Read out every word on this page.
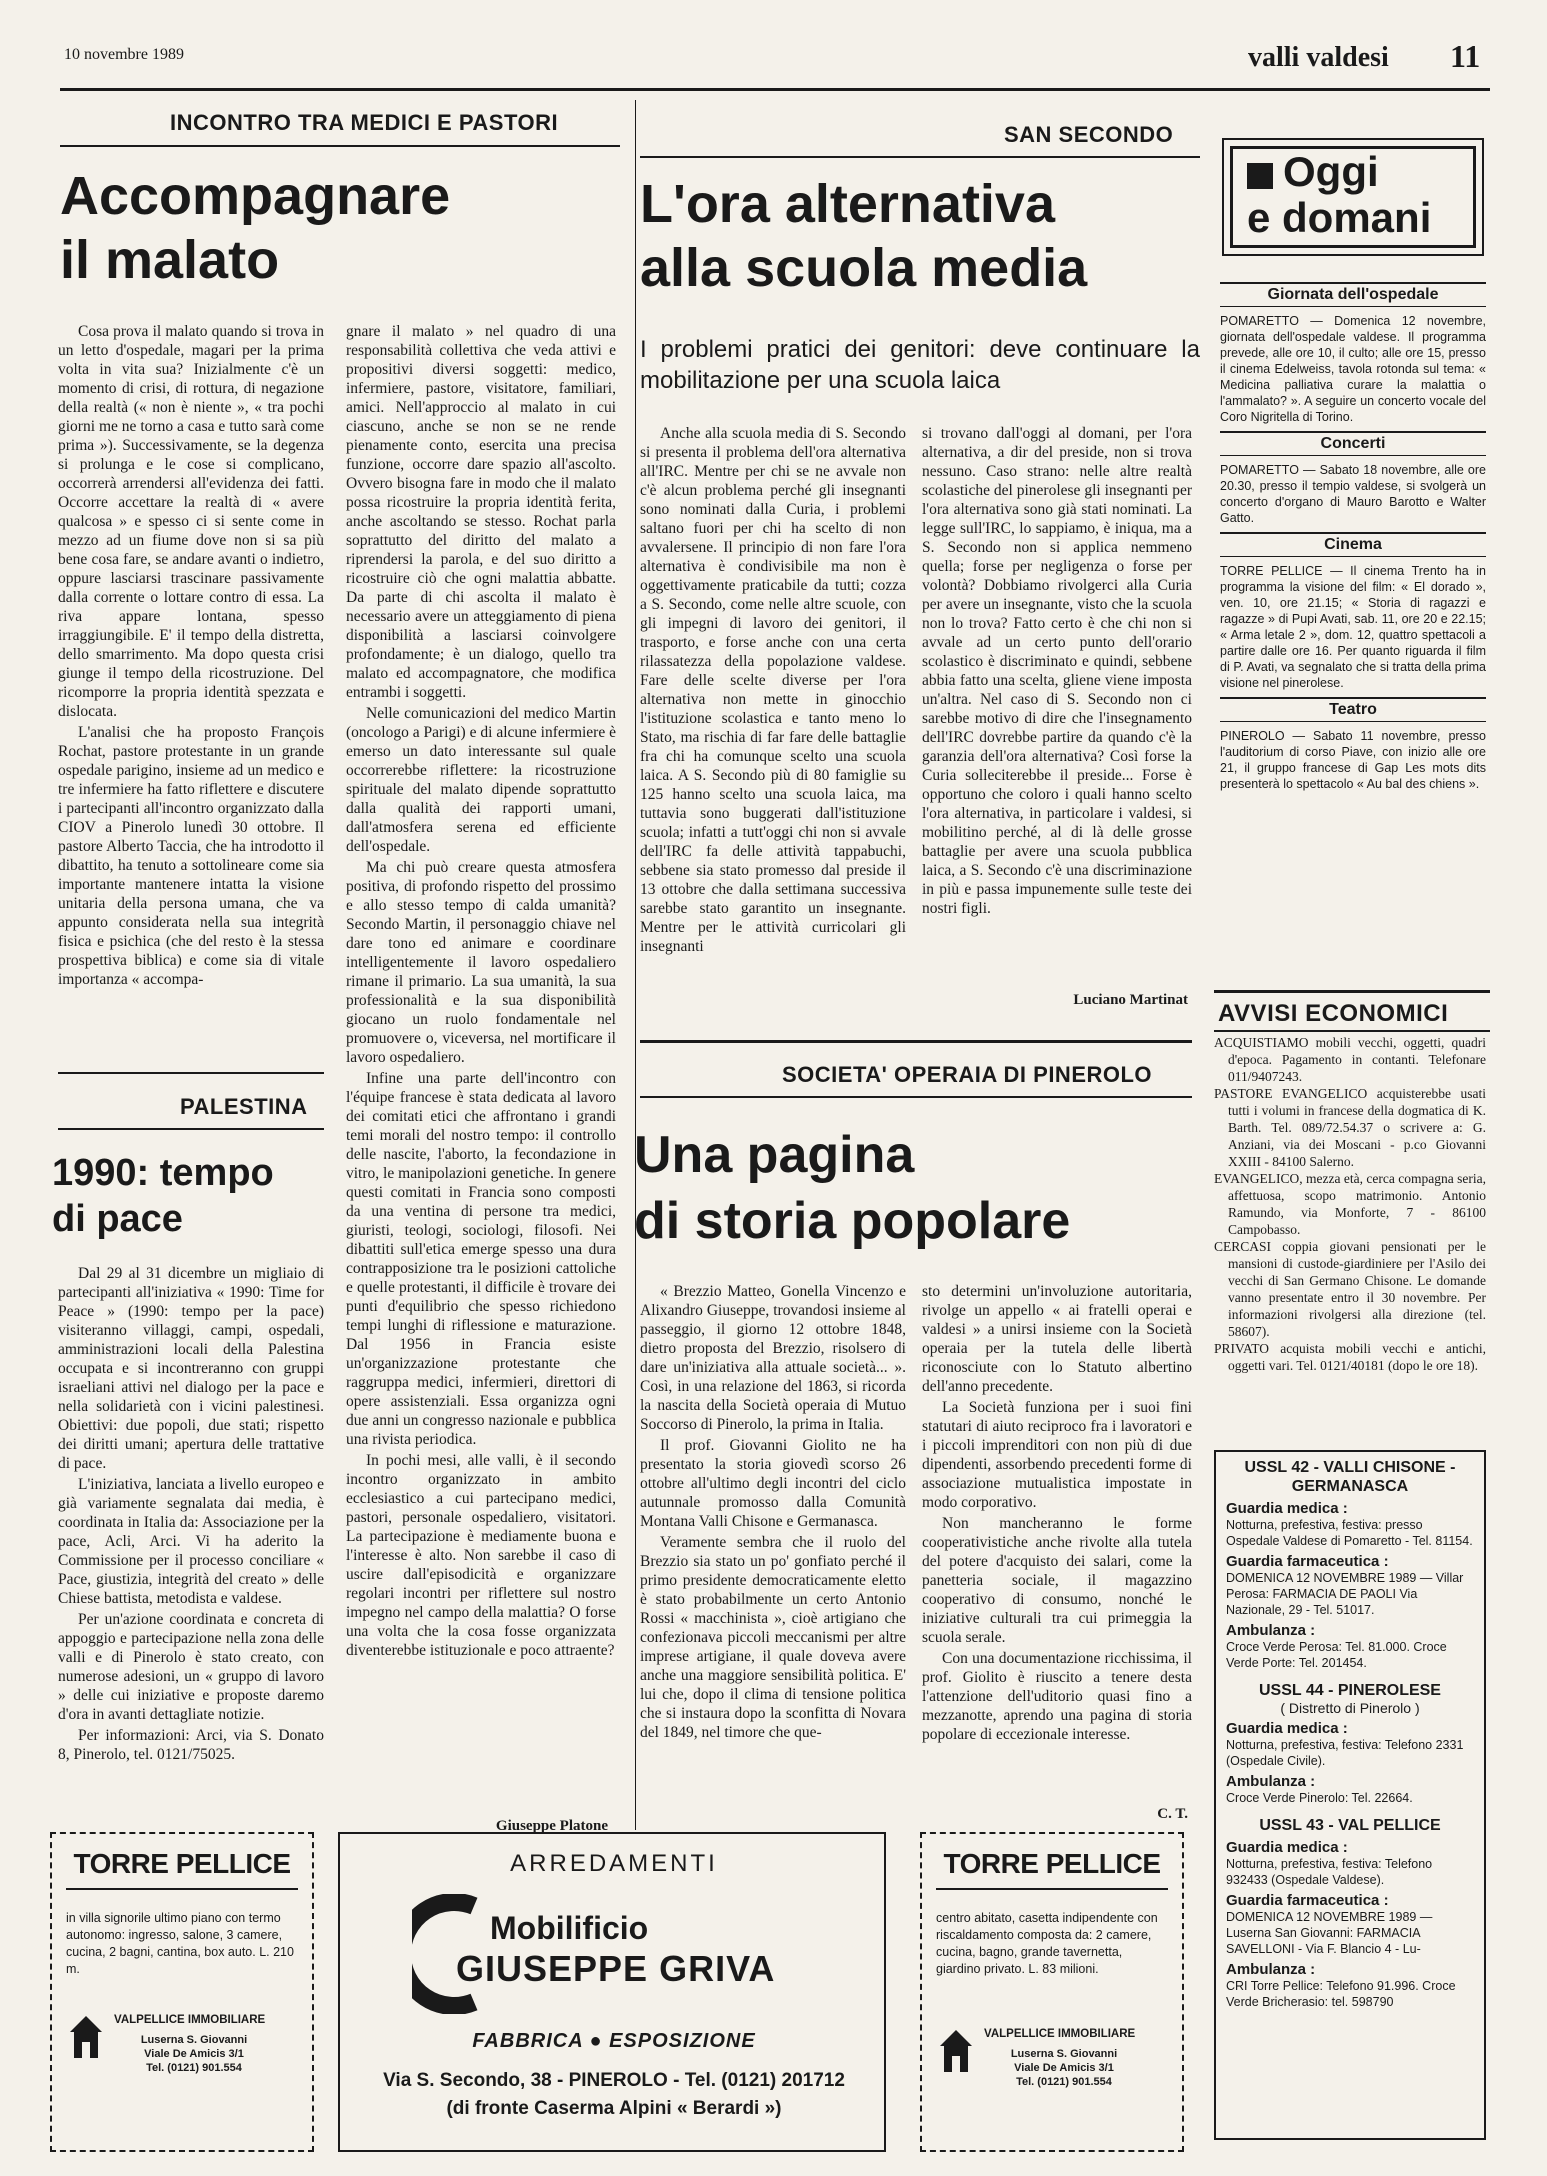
10 novembre 1989	valli valdesi 11
INCONTRO TRA MEDICI E PASTORI
Accompagnare
il malato

Cosa prova il malato quando si trova in un letto d'ospedale, magari per la prima volta in vita sua? Inizialmente c'è un momento di crisi, di rottura, di negazione della realtà (« non è niente », « tra pochi giorni me ne torno a casa e tutto sarà come prima »). Successivamente, se la degenza si prolunga e le cose si complicano, occorrerà arrendersi all'evidenza dei fatti. Occorre accettare la realtà di « avere qualcosa » e spesso ci si sente come in mezzo ad un fiume dove non si sa più bene cosa fare, se andare avanti o indietro, oppure lasciarsi trascinare passivamente dalla corrente o lottare contro di essa. La riva appare lontana, spesso irraggiungibile. E' il tempo della distretta, dello smarrimento. Ma dopo questa crisi giunge il tempo della ricostruzione. Del ricomporre la propria identità spezzata e dislocata.

L'analisi che ha proposto François Rochat, pastore protestante in un grande ospedale parigino, insieme ad un medico e tre infermiere ha fatto riflettere e discutere i partecipanti all'incontro organizzato dalla CIOV a Pinerolo lunedì 30 ottobre. Il pastore Alberto Taccia, che ha introdotto il dibattito, ha tenuto a sottolineare come sia importante mantenere intatta la visione unitaria della persona umana, che va appunto considerata nella sua integrità fisica e psichica (che del resto è la stessa prospettiva biblica) e come sia di vitale importanza « accompa-

gnare il malato » nel quadro di una responsabilità collettiva che veda attivi e propositivi diversi soggetti: medico, infermiere, pastore, visitatore, familiari, amici. Nell'approccio al malato in cui ciascuno, anche se non se ne rende pienamente conto, esercita una precisa funzione, occorre dare spazio all'ascolto. Ovvero bisogna fare in modo che il malato possa ricostruire la propria identità ferita, anche ascoltando se stesso. Rochat parla soprattutto del diritto del malato a riprendersi la parola, e del suo diritto a ricostruire ciò che ogni malattia abbatte. Da parte di chi ascolta il malato è necessario avere un atteggiamento di piena disponibilità a lasciarsi coinvolgere profondamente; è un dialogo, quello tra malato ed accompagnatore, che modifica entrambi i soggetti.

Nelle comunicazioni del medico Martin (oncologo a Parigi) e di alcune infermiere è emerso un dato interessante sul quale occorrerebbe riflettere: la ricostruzione spirituale del malato dipende soprattutto dalla qualità dei rapporti umani, dall'atmosfera serena ed efficiente dell'ospedale.

Ma chi può creare questa atmosfera positiva, di profondo rispetto del prossimo e allo stesso tempo di calda umanità? Secondo Martin, il personaggio chiave nel dare tono ed animare e coordinare intelligentemente il lavoro ospedaliero rimane il primario. La sua umanità, la sua professionalità e la sua disponibilità giocano un ruolo fondamentale nel promuovere o, viceversa, nel mortificare il lavoro ospedaliero.

Infine una parte dell'incontro con l'équipe francese è stata dedicata al lavoro dei comitati etici che affrontano i grandi temi morali del nostro tempo: il controllo delle nascite, l'aborto, la fecondazione in vitro, le manipolazioni genetiche. In genere questi comitati in Francia sono composti da una ventina di persone tra medici, giuristi, teologi, sociologi, filosofi. Nei dibattiti sull'etica emerge spesso una dura contrapposizione tra le posizioni cattoliche e quelle protestanti, il difficile è trovare dei punti d'equilibrio che spesso richiedono tempi lunghi di riflessione e maturazione. Dal 1956 in Francia esiste un'organizzazione protestante che raggruppa medici, infermieri, direttori di opere assistenziali. Essa organizza ogni due anni un congresso nazionale e pubblica una rivista periodica.

In pochi mesi, alle valli, è il secondo incontro organizzato in ambito ecclesiastico a cui partecipano medici, pastori, personale ospedaliero, visitatori. La partecipazione è mediamente buona e l'interesse è alto. Non sarebbe il caso di uscire dall'episodicità e organizzare regolari incontri per riflettere sul nostro impegno nel campo della malattia? O forse una volta che la cosa fosse organizzata diventerebbe istituzionale e poco attraente?

Giuseppe Platone
PALESTINA
1990: tempo
di pace

Dal 29 al 31 dicembre un migliaio di partecipanti all'iniziativa « 1990: Time for Peace » (1990: tempo per la pace) visiteranno villaggi, campi, ospedali, amministrazioni locali della Palestina occupata e si incontreranno con gruppi israeliani attivi nel dialogo per la pace e nella solidarietà con i vicini palestinesi. Obiettivi: due popoli, due stati; rispetto dei diritti umani; apertura delle trattative di pace.

L'iniziativa, lanciata a livello europeo e già variamente segnalata dai media, è coordinata in Italia da: Associazione per la pace, Acli, Arci. Vi ha aderito la Commissione per il processo conciliare « Pace, giustizia, integrità del creato » delle Chiese battista, metodista e valdese.

Per un'azione coordinata e concreta di appoggio e partecipazione nella zona delle valli e di Pinerolo è stato creato, con numerose adesioni, un « gruppo di lavoro » delle cui iniziative e proposte daremo d'ora in avanti dettagliate notizie.

Per informazioni: Arci, via S. Donato 8, Pinerolo, tel. 0121/75025.

SAN SECONDO
L'ora alternativa
alla scuola media
I problemi pratici dei genitori: deve continuare la mobilitazione per una scuola laica

Anche alla scuola media di S. Secondo si presenta il problema dell'ora alternativa all'IRC. Mentre per chi se ne avvale non c'è alcun problema perché gli insegnanti sono nominati dalla Curia, i problemi saltano fuori per chi ha scelto di non avvalersene. Il principio di non fare l'ora alternativa è condivisibile ma non è oggettivamente praticabile da tutti; cozza a S. Secondo, come nelle altre scuole, con gli impegni di lavoro dei genitori, il trasporto, e forse anche con una certa rilassatezza della popolazione valdese. Fare delle scelte diverse per l'ora alternativa non mette in ginocchio l'istituzione scolastica e tanto meno lo Stato, ma rischia di far fare delle battaglie fra chi ha comunque scelto una scuola laica. A S. Secondo più di 80 famiglie su 125 hanno scelto una scuola laica, ma tuttavia sono buggerati dall'istituzione scuola; infatti a tutt'oggi chi non si avvale dell'IRC fa delle attività tappabuchi, sebbene sia stato promesso dal preside il 13 ottobre che dalla settimana successiva sarebbe stato garantito un insegnante. Mentre per le attività curricolari gli insegnanti

si trovano dall'oggi al domani, per l'ora alternativa, a dir del preside, non si trova nessuno. Caso strano: nelle altre realtà scolastiche del pinerolese gli insegnanti per l'ora alternativa sono già stati nominati. La legge sull'IRC, lo sappiamo, è iniqua, ma a S. Secondo non si applica nemmeno quella; forse per negligenza o forse per volontà? Dobbiamo rivolgerci alla Curia per avere un insegnante, visto che la scuola non lo trova? Fatto certo è che chi non si avvale ad un certo punto dell'orario scolastico è discriminato e quindi, sebbene abbia fatto una scelta, gliene viene imposta un'altra. Nel caso di S. Secondo non ci sarebbe motivo di dire che l'insegnamento dell'IRC dovrebbe partire da quando c'è la garanzia dell'ora alternativa? Così forse la Curia solleciterebbe il preside... Forse è opportuno che coloro i quali hanno scelto l'ora alternativa, in particolare i valdesi, si mobilitino perché, al di là delle grosse battaglie per avere una scuola pubblica laica, a S. Secondo c'è una discriminazione in più e passa impunemente sulle teste dei nostri figli.

Luciano Martinat
SOCIETA' OPERAIA DI PINEROLO
Una pagina
di storia popolare

« Brezzio Matteo, Gonella Vincenzo e Alixandro Giuseppe, trovandosi insieme al passeggio, il giorno 12 ottobre 1848, dietro proposta del Brezzio, risolsero di dare un'iniziativa alla attuale società... ». Così, in una relazione del 1863, si ricorda la nascita della Società operaia di Mutuo Soccorso di Pinerolo, la prima in Italia.

Il prof. Giovanni Giolito ne ha presentato la storia giovedì scorso 26 ottobre all'ultimo degli incontri del ciclo autunnale promosso dalla Comunità Montana Valli Chisone e Germanasca.

Veramente sembra che il ruolo del Brezzio sia stato un po' gonfiato perché il primo presidente democraticamente eletto è stato probabilmente un certo Antonio Rossi « macchinista », cioè artigiano che confezionava piccoli meccanismi per altre imprese artigiane, il quale doveva avere anche una maggiore sensibilità politica. E' lui che, dopo il clima di tensione politica che si instaura dopo la sconfitta di Novara del 1849, nel timore che que-

sto determini un'involuzione autoritaria, rivolge un appello « ai fratelli operai e valdesi » a unirsi insieme con la Società operaia per la tutela delle libertà riconosciute con lo Statuto albertino dell'anno precedente.

La Società funziona per i suoi fini statutari di aiuto reciproco fra i lavoratori e i piccoli imprenditori con non più di due dipendenti, assorbendo precedenti forme di associazione mutualistica impostate in modo corporativo.

Non mancheranno le forme cooperativistiche anche rivolte alla tutela del potere d'acquisto dei salari, come la panetteria sociale, il magazzino cooperativo di consumo, nonché le iniziative culturali tra cui primeggia la scuola serale.

Con una documentazione ricchissima, il prof. Giolito è riuscito a tenere desta l'attenzione dell'uditorio quasi fino a mezzanotte, aprendo una pagina di storia popolare di eccezionale interesse.

C. T.
Oggi
e domani
Giornata dell'ospedale
POMARETTO — Domenica 12 novembre, giornata dell'ospedale valdese. Il programma prevede, alle ore 10, il culto; alle ore 15, presso il cinema Edelweiss, tavola rotonda sul tema: « Medicina palliativa curare la malattia o l'ammalato? ». A seguire un concerto vocale del Coro Nigritella di Torino.
Concerti
POMARETTO — Sabato 18 novembre, alle ore 20.30, presso il tempio valdese, si svolgerà un concerto d'organo di Mauro Barotto e Walter Gatto.
Cinema
TORRE PELLICE — Il cinema Trento ha in programma la visione del film: « El dorado », ven. 10, ore 21.15; « Storia di ragazzi e ragazze » di Pupi Avati, sab. 11, ore 20 e 22.15; « Arma letale 2 », dom. 12, quattro spettacoli a partire dalle ore 16. Per quanto riguarda il film di P. Avati, va segnalato che si tratta della prima visione nel pinerolese.
Teatro
PINEROLO — Sabato 11 novembre, presso l'auditorium di corso Piave, con inizio alle ore 21, il gruppo francese di Gap Les mots dits presenterà lo spettacolo « Au bal des chiens ».
AVVISI ECONOMICI
ACQUISTIAMO mobili vecchi, oggetti, quadri d'epoca. Pagamento in contanti. Telefonare 011/9407243.
PASTORE EVANGELICO acquisterebbe usati tutti i volumi in francese della dogmatica di K. Barth. Tel. 089/72.54.37 o scrivere a: G. Anziani, via dei Moscani - p.co Giovanni XXIII - 84100 Salerno.
EVANGELICO, mezza età, cerca compagna seria, affettuosa, scopo matrimonio. Antonio Ramundo, via Monforte, 7 - 86100 Campobasso.
CERCASI coppia giovani pensionati per le mansioni di custode-giardiniere per l'Asilo dei vecchi di San Germano Chisone. Le domande vanno presentate entro il 30 novembre. Per informazioni rivolgersi alla direzione (tel. 58607).
PRIVATO acquista mobili vecchi e antichi, oggetti vari. Tel. 0121/40181 (dopo le ore 18).
USSL 42 - VALLI CHISONE - GERMANASCA
Guardia medica :
Notturna, prefestiva, festiva: presso Ospedale Valdese di Pomaretto - Tel. 81154.
Guardia farmaceutica :
DOMENICA 12 NOVEMBRE 1989 — Villar Perosa: FARMACIA DE PAOLI Via Nazionale, 29 - Tel. 51017.
Ambulanza :
Croce Verde Perosa: Tel. 81.000. Croce Verde Porte: Tel. 201454.
USSL 44 - PINEROLESE
( Distretto di Pinerolo )
Guardia medica :
Notturna, prefestiva, festiva: Telefono 2331 (Ospedale Civile).
Ambulanza :
Croce Verde Pinerolo: Tel. 22664.
USSL 43 - VAL PELLICE
Guardia medica :
Notturna, prefestiva, festiva: Telefono 932433 (Ospedale Valdese).
Guardia farmaceutica :
DOMENICA 12 NOVEMBRE 1989 — Luserna San Giovanni: FARMACIA SAVELLONI - Via F. Blancio 4 - Lu-
Ambulanza :
CRI Torre Pellice: Telefono 91.996. Croce Verde Bricherasio: tel. 598790
TORRE PELLICE
in villa signorile ultimo piano con termo autonomo: ingresso, salone, 3 camere, cucina, 2 bagni, cantina, box auto. L. 210 m.
VALPELLICE IMMOBILIARE
Luserna S. Giovanni
Viale De Amicis 3/1
Tel. (0121) 901.554
ARREDAMENTI
Mobilificio
GIUSEPPE GRIVA
FABBRICA ● ESPOSIZIONE
Via S. Secondo, 38 - PINEROLO - Tel. (0121) 201712
(di fronte Caserma Alpini « Berardi »)
TORRE PELLICE
centro abitato, casetta indipendente con riscaldamento composta da: 2 camere, cucina, bagno, grande tavernetta, giardino privato. L. 83 milioni.
VALPELLICE IMMOBILIARE
Luserna S. Giovanni
Viale De Amicis 3/1
Tel. (0121) 901.554
